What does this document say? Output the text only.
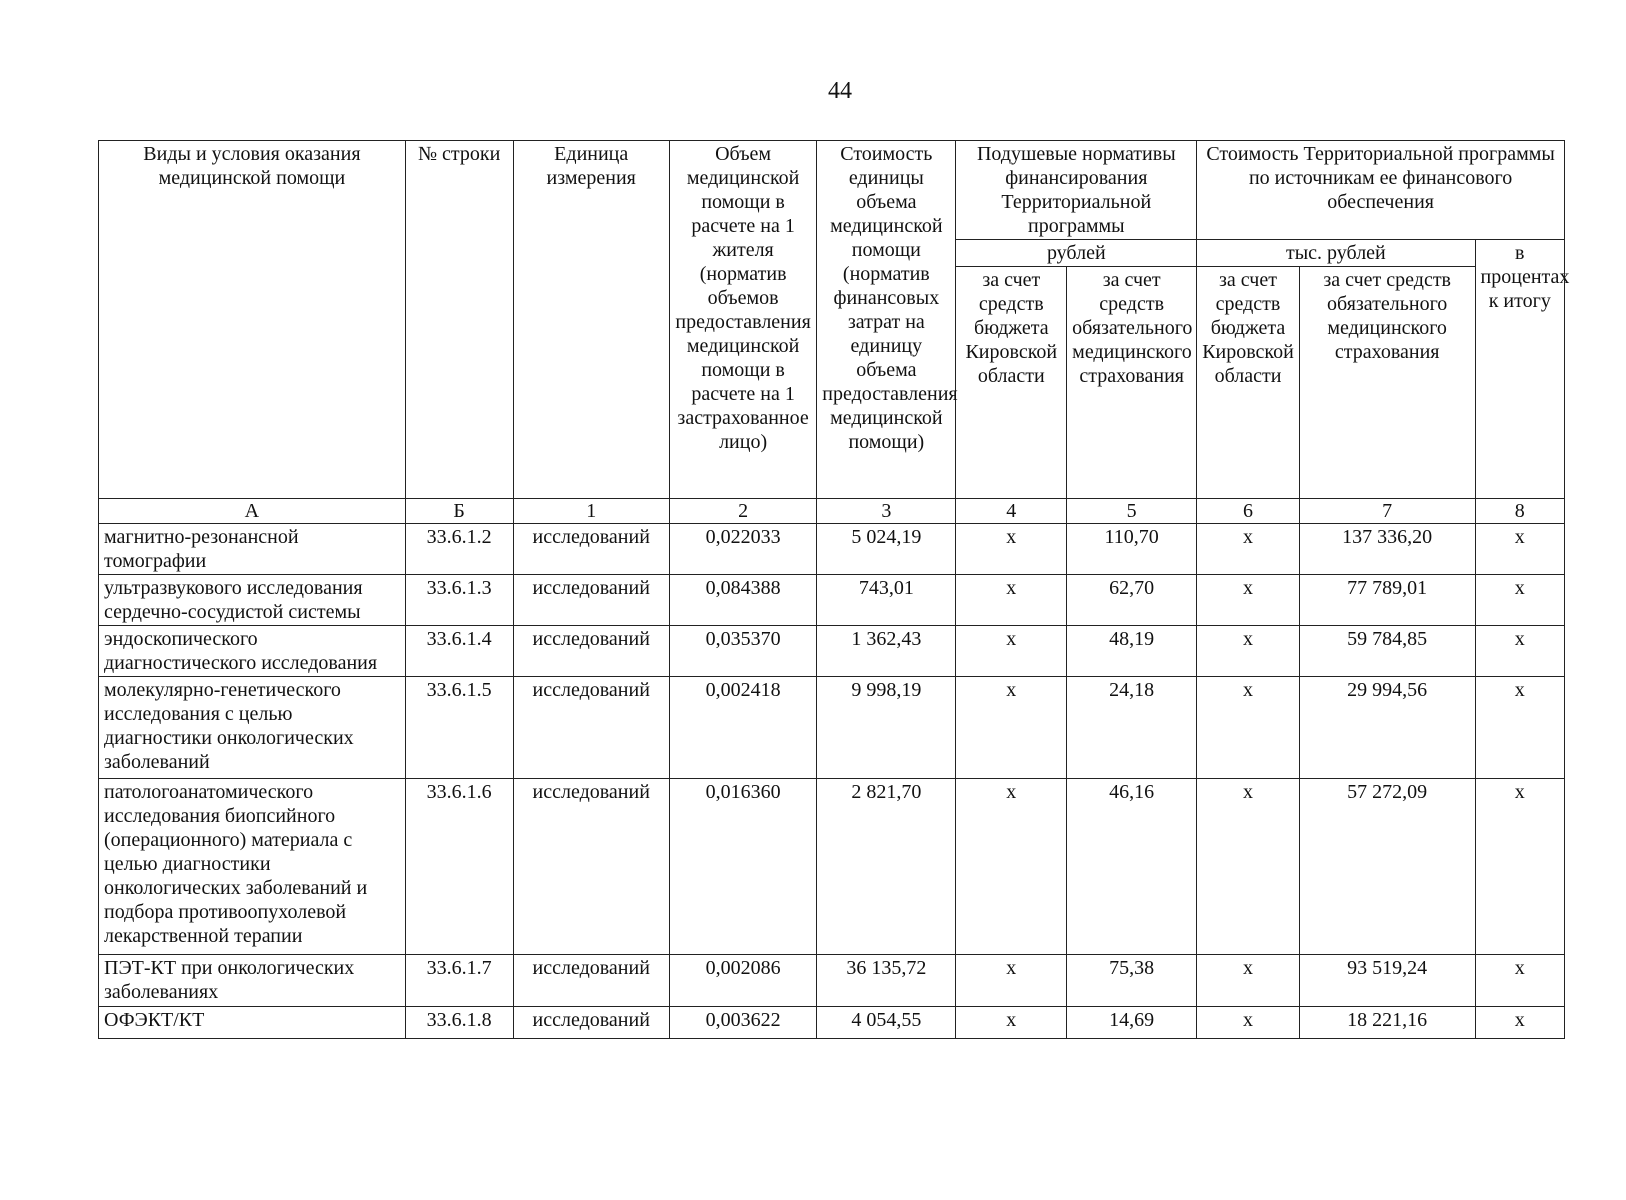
44
Виды и условия оказания медицинской помощи	№ строки	Единица измерения	Объем медицинской помощи в расчете на 1 жителя (норматив объемов предоставления медицинской помощи в расчете на 1 застрахованное лицо)	Стоимость единицы объема медицинской помощи (норматив финансовых затрат на единицу объема предоставления медицинской помощи)	Подушевые нормативы финансирования Территориальной программы		Стоимость Территориальной программы по источникам ее финансового обеспечения		
					рублей		тыс. рублей		в процентах к итогу
					за счет средств бюджета Кировской области	за счет средств обязательного медицинского страхования	за счет средств бюджета Кировской области	за счет средств обязательного медицинского страхования	
А	Б	1	2	3	4	5	6	7	8
магнитно-резонансной томографии	33.6.1.2	исследований	0,022033	5 024,19	х	110,70	х	137 336,20	х
ультразвукового исследования сердечно-сосудистой системы	33.6.1.3	исследований	0,084388	743,01	х	62,70	х	77 789,01	х
эндоскопического диагностического исследования	33.6.1.4	исследований	0,035370	1 362,43	х	48,19	х	59 784,85	х
молекулярно-генетического исследования с целью диагностики онкологических заболеваний	33.6.1.5	исследований	0,002418	9 998,19	х	24,18	х	29 994,56	х
патологоанатомического исследования биопсийного (операционного) материала с целью диагностики онкологических заболеваний и подбора противоопухолевой лекарственной терапии	33.6.1.6	исследований	0,016360	2 821,70	х	46,16	х	57 272,09	х
ПЭТ-КТ при онкологических заболеваниях	33.6.1.7	исследований	0,002086	36 135,72	х	75,38	х	93 519,24	х
ОФЭКТ/КТ	33.6.1.8	исследований	0,003622	4 054,55	х	14,69	х	18 221,16	х
